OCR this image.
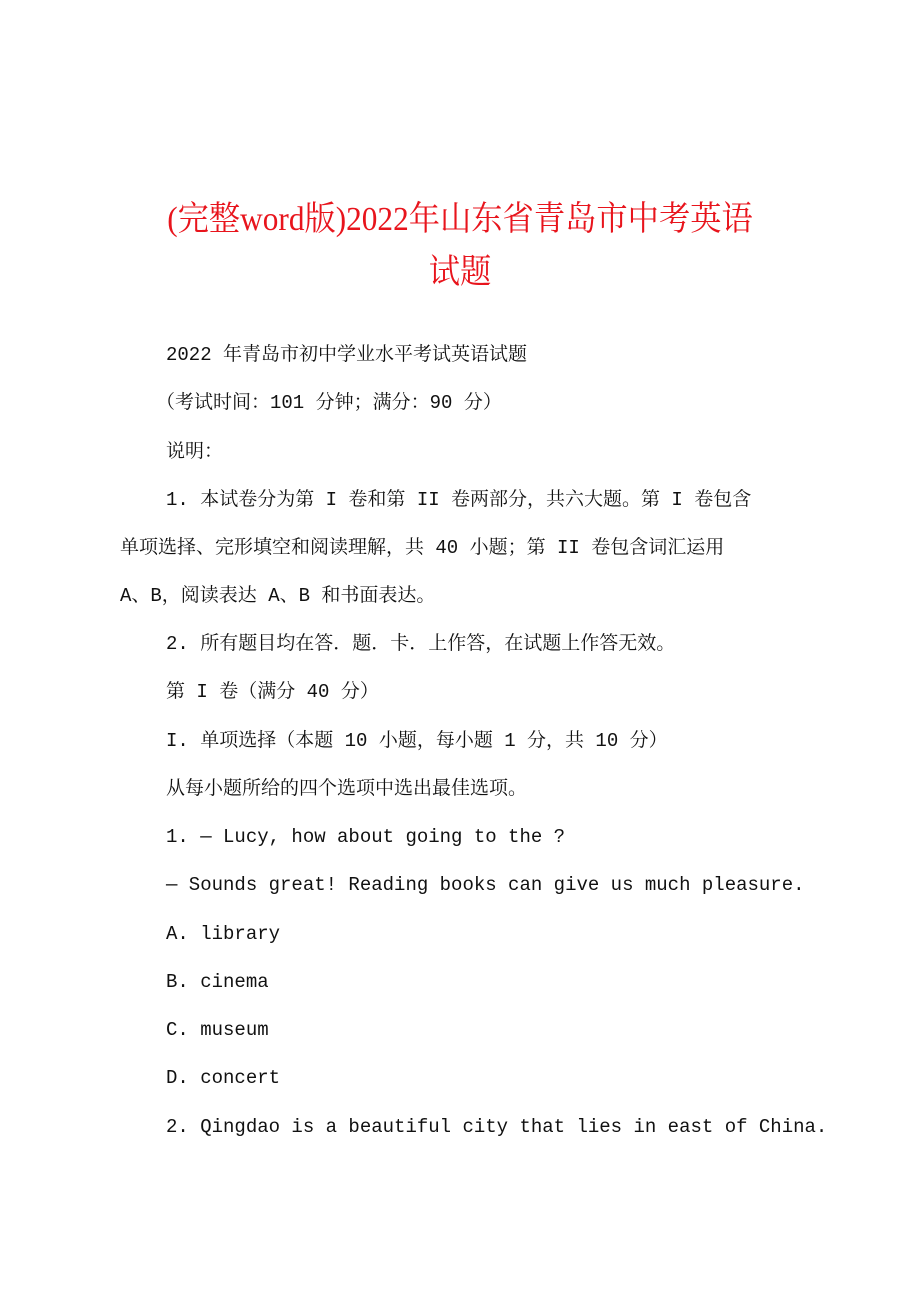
(完整word版)2022年山东省青岛市中考英语
试题
2022 年青岛市初中学业水平考试英语试题
（考试时间：101 分钟；满分：90 分）
说明：
1. 本试卷分为第 I 卷和第 II 卷两部分，共六大题。第 I 卷包含
单项选择、完形填空和阅读理解，共 40 小题；第 II 卷包含词汇运用
A、B，阅读表达 A、B 和书面表达。
2. 所有题目均在答．题．卡．上作答，在试题上作答无效。
第 I 卷（满分 40 分）
I. 单项选择（本题 10 小题，每小题 1 分，共 10 分）
从每小题所给的四个选项中选出最佳选项。
1. — Lucy, how about going to the ?
— Sounds great! Reading books can give us much pleasure.
A. library
B. cinema
C. museum
D. concert
2. Qingdao is a beautiful city that lies in east of China.
